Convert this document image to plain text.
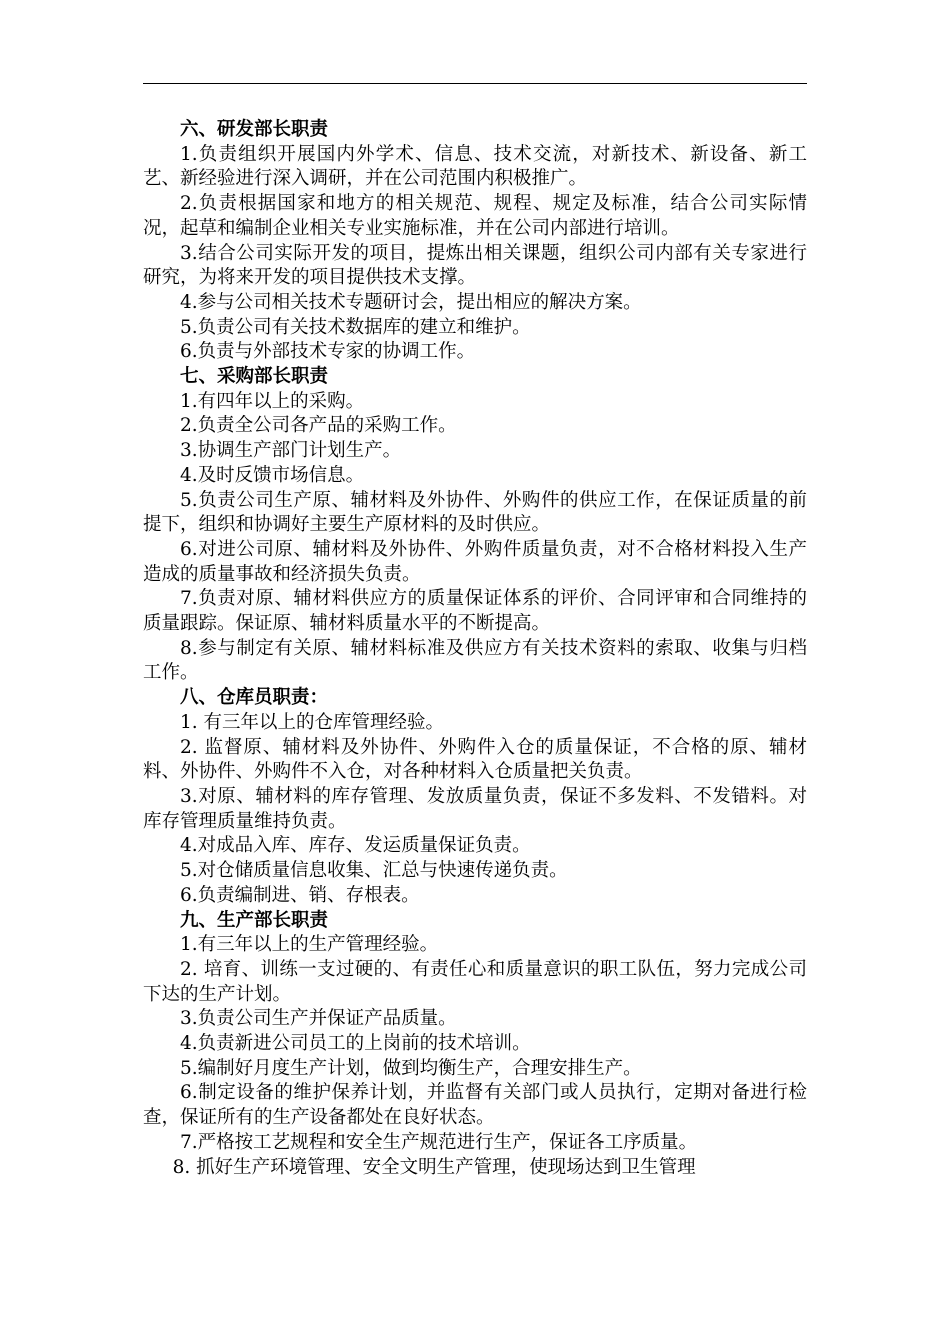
六、研发部长职责

1.负责组织开展国内外学术、信息、技术交流，对新技术、新设备、新工艺、新经验进行深入调研，并在公司范围内积极推广。

2.负责根据国家和地方的相关规范、规程、规定及标准，结合公司实际情况，起草和编制企业相关专业实施标准，并在公司内部进行培训。

3.结合公司实际开发的项目，提炼出相关课题，组织公司内部有关专家进行研究，为将来开发的项目提供技术支撑。

4.参与公司相关技术专题研讨会，提出相应的解决方案。

5.负责公司有关技术数据库的建立和维护。

6.负责与外部技术专家的协调工作。

七、采购部长职责

1.有四年以上的采购。

2.负责全公司各产品的采购工作。

3.协调生产部门计划生产。

4.及时反馈市场信息。

5.负责公司生产原、辅材料及外协件、外购件的供应工作，在保证质量的前提下，组织和协调好主要生产原材料的及时供应。

6.对进公司原、辅材料及外协件、外购件质量负责，对不合格材料投入生产造成的质量事故和经济损失负责。

7.负责对原、辅材料供应方的质量保证体系的评价、合同评审和合同维持的质量跟踪。保证原、辅材料质量水平的不断提高。

8.参与制定有关原、辅材料标准及供应方有关技术资料的索取、收集与归档工作。

八、仓库员职责：

1. 有三年以上的仓库管理经验。

2. 监督原、辅材料及外协件、外购件入仓的质量保证，不合格的原、辅材料、外协件、外购件不入仓，对各种材料入仓质量把关负责。

3.对原、辅材料的库存管理、发放质量负责，保证不多发料、不发错料。对库存管理质量维持负责。

4.对成品入库、库存、发运质量保证负责。

5.对仓储质量信息收集、汇总与快速传递负责。

6.负责编制进、销、存根表。

九、生产部长职责

1.有三年以上的生产管理经验。

2. 培育、训练一支过硬的、有责任心和质量意识的职工队伍，努力完成公司下达的生产计划。

3.负责公司生产并保证产品质量。

4.负责新进公司员工的上岗前的技术培训。

5.编制好月度生产计划，做到均衡生产，合理安排生产。

6.制定设备的维护保养计划，并监督有关部门或人员执行，定期对备进行检查，保证所有的生产设备都处在良好状态。

7.严格按工艺规程和安全生产规范进行生产，保证各工序质量。

8. 抓好生产环境管理、安全文明生产管理，使现场达到卫生管理
